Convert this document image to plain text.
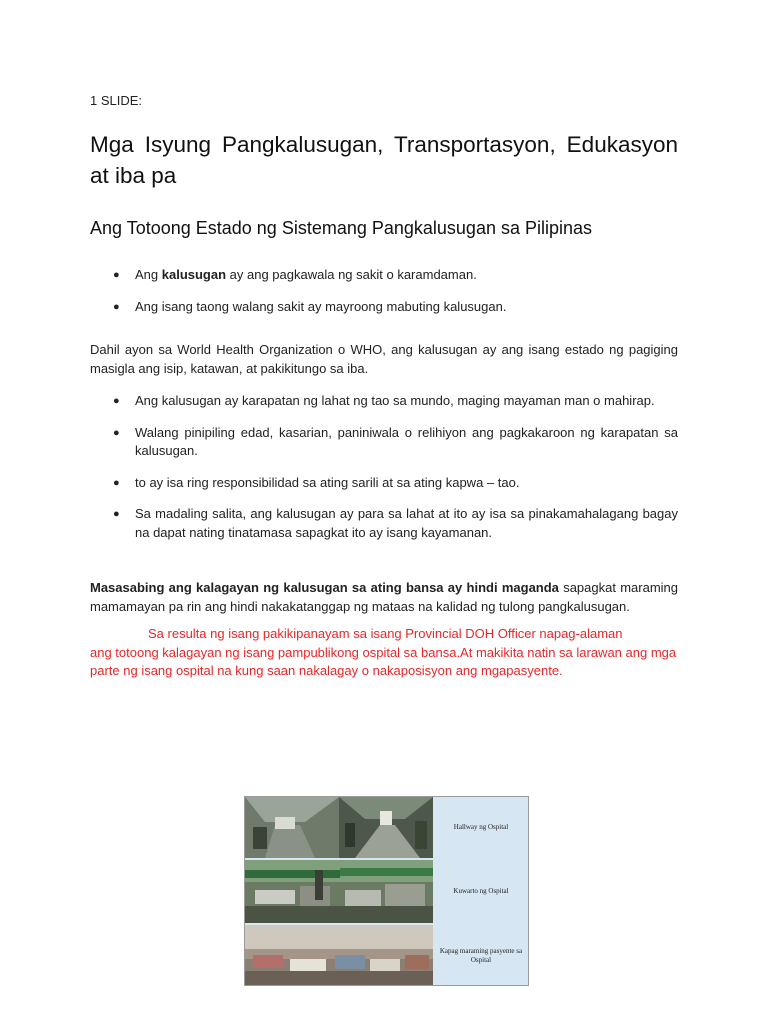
1 SLIDE:

Mga Isyung Pangkalusugan, Transportasyon, Edukasyon at iba pa
Ang Totoong Estado ng Sistemang Pangkalusugan sa Pilipinas
● Ang kalusugan ay ang pagkawala ng sakit o karamdaman.
● Ang isang taong walang sakit ay mayroong mabuting kalusugan.

Dahil ayon sa World Health Organization o WHO, ang kalusugan ay ang isang estado ng pagiging masigla ang isip, katawan, at pakikitungo sa iba.

● Ang kalusugan ay karapatan ng lahat ng tao sa mundo, maging mayaman man o mahirap.
● Walang pinipiling edad, kasarian, paniniwala o relihiyon ang pagkakaroon ng karapatan sa kalusugan.
● to ay isa ring responsibilidad sa ating sarili at sa ating kapwa – tao.
● Sa madaling salita, ang kalusugan ay para sa lahat at ito ay isa sa pinakamahalagang bagay na dapat nating tinatamasa sapagkat ito ay isang kayamanan.

Masasabing ang kalagayan ng kalusugan sa ating bansa ay hindi maganda sapagkat maraming mamamayan pa rin ang hindi nakakatanggap ng mataas na kalidad ng tulong pangkalusugan.

Sa resulta ng isang pakikipanayam sa isang Provincial DOH Officer napag-alaman
ang totoong kalagayan ng isang pampublikong ospital sa bansa.At makikita natin sa larawan ang mga parte ng isang ospital na kung saan nakalagay o nakaposisyon ang mgapasyente.

Hallway ng Ospital
Kuwarto ng Ospital
Kapag maraming pasyente sa Ospital
